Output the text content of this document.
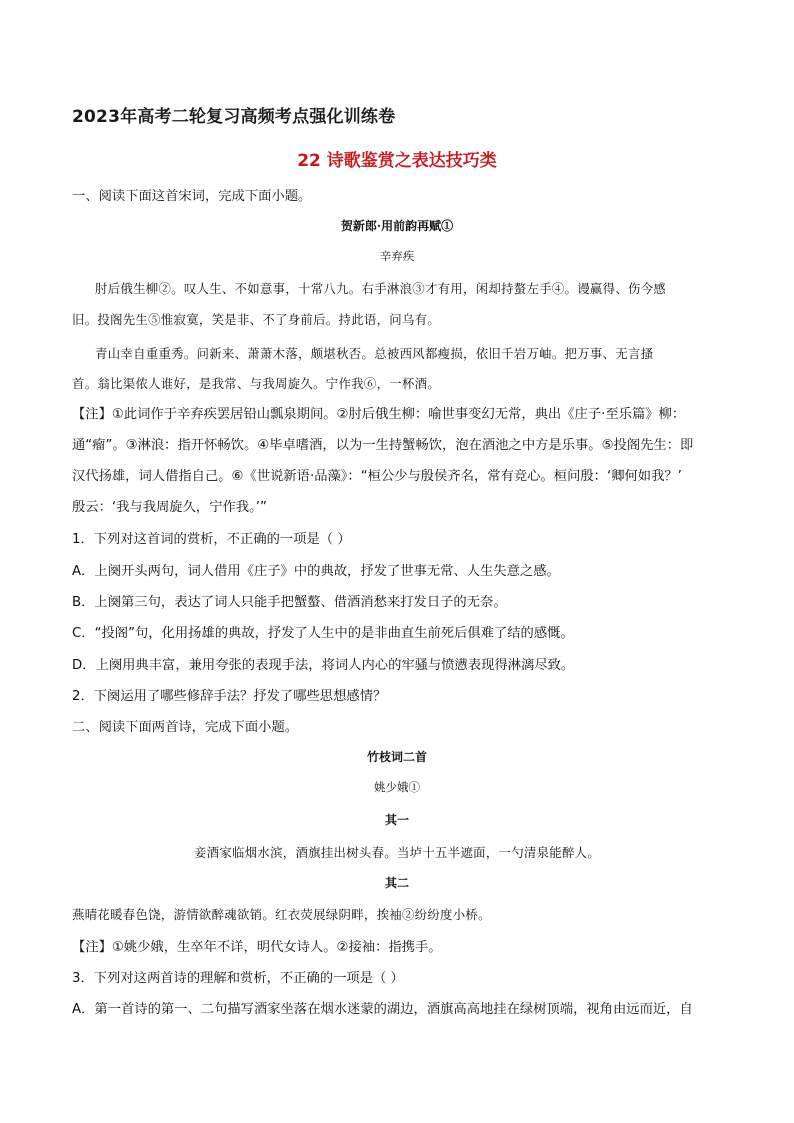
2023年高考二轮复习高频考点强化训练卷
22 诗歌鉴赏之表达技巧类
一、阅读下面这首宋词，完成下面小题。
贺新郎·用前韵再赋①
辛弃疾
肘后俄生柳②。叹人生、不如意事，十常八九。右手淋浪③才有用，闲却持螯左手④。谩赢得、伤今感
旧。投阁先生⑤惟寂寞，笑是非、不了身前后。持此语，问乌有。
青山幸自重重秀。问新来、萧萧木落，颇堪秋否。总被西风都瘦损，依旧千岩万岫。把万事、无言搔
首。翁比渠侬人谁好，是我常、与我周旋久。宁作我⑥，一杯酒。
【注】①此词作于辛弃疾罢居铅山瓢泉期间。②肘后俄生柳：喻世事变幻无常，典出《庄子·至乐篇》柳：
通“瘤”。③淋浪：指开怀畅饮。④毕卓嗜酒，以为一生持蟹畅饮，泡在酒池之中方是乐事。⑤投阁先生：即
汉代扬雄，词人借指自己。⑥《世说新语·品藻》：“桓公少与殷侯齐名，常有竞心。桓问殷：‘卿何如我？’
殷云：‘我与我周旋久，宁作我。’”
1．下列对这首词的赏析，不正确的一项是（ ）
A．上阕开头两句，词人借用《庄子》中的典故，抒发了世事无常、人生失意之感。
B．上阕第三句，表达了词人只能手把蟹螯、借酒消愁来打发日子的无奈。
C．“投阁”句，化用扬雄的典故，抒发了人生中的是非曲直生前死后俱难了结的感慨。
D．上阕用典丰富，兼用夸张的表现手法，将词人内心的牢骚与愤懑表现得淋漓尽致。
2．下阕运用了哪些修辞手法？抒发了哪些思想感情？
二、阅读下面两首诗，完成下面小题。
竹枝词二首
姚少娥①
其一
妾酒家临烟水滨，酒旗挂出树头春。当垆十五半遮面，一勺清泉能醉人。
其二
燕晴花暖春色饶，游情欲醉魂欲销。红衣荧展绿阴畔，挨袖②纷纷度小桥。
【注】①姚少娥，生卒年不详，明代女诗人。②接袖：指携手。
3．下列对这两首诗的理解和赏析，不正确的一项是（ ）
A．第一首诗的第一、二句描写酒家坐落在烟水迷蒙的湖边，酒旗高高地挂在绿树顶端，视角由远而近，自
